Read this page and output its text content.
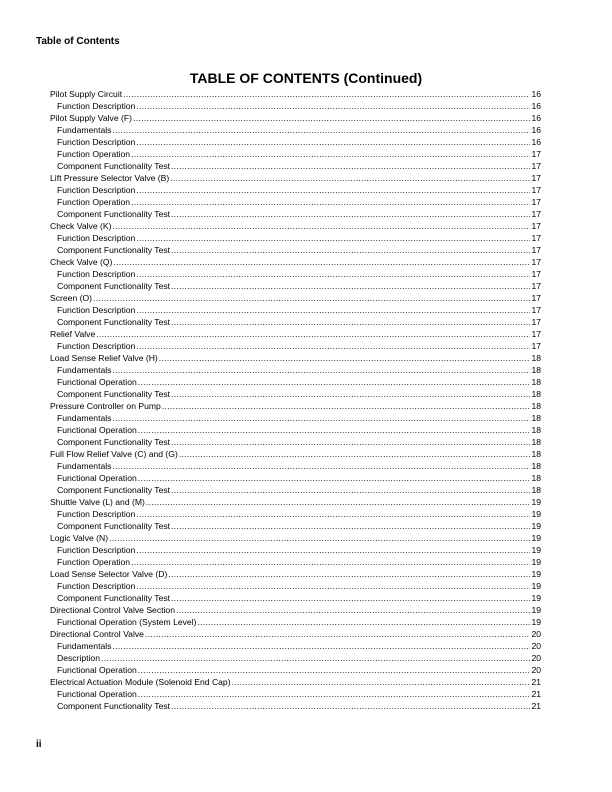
Table of Contents
TABLE OF CONTENTS (Continued)
Pilot Supply Circuit .....	16
Function Description .....	16
Pilot Supply Valve (F) .....	16
Fundamentals .....	16
Function Description .....	16
Function Operation .....	17
Component Functionality Test .....	17
Lift Pressure Selector Valve (B) .....	17
Function Description .....	17
Function Operation .....	17
Component Functionality Test .....	17
Check Valve (K) .....	17
Function Description .....	17
Component Functionality Test .....	17
Check Valve (Q) .....	17
Function Description .....	17
Component Functionality Test .....	17
Screen (O) .....	17
Function Description .....	17
Component Functionality Test .....	17
Relief Valve .....	17
Function Description .....	17
Load Sense Relief Valve (H) .....	18
Fundamentals .....	18
Functional Operation .....	18
Component Functionality Test .....	18
Pressure Controller on Pump .....	18
Fundamentals .....	18
Functional Operation .....	18
Component Functionality Test .....	18
Full Flow Relief Valve (C) and (G) .....	18
Fundamentals .....	18
Functional Operation .....	18
Component Functionality Test .....	18
Shuttle Valve (L) and (M) .....	19
Function Description .....	19
Component Functionality Test .....	19
Logic Valve (N) .....	19
Function Description .....	19
Function Operation .....	19
Load Sense Selector Valve (D) .....	19
Function Description .....	19
Component Functionality Test .....	19
Directional Control Valve Section .....	19
Functional Operation (System Level) .....	19
Directional Control Valve .....	20
Fundamentals .....	20
Description .....	20
Functional Operation .....	20
Electrical Actuation Module (Solenoid End Cap) .....	21
Functional Operation .....	21
Component Functionality Test .....	21
ii
